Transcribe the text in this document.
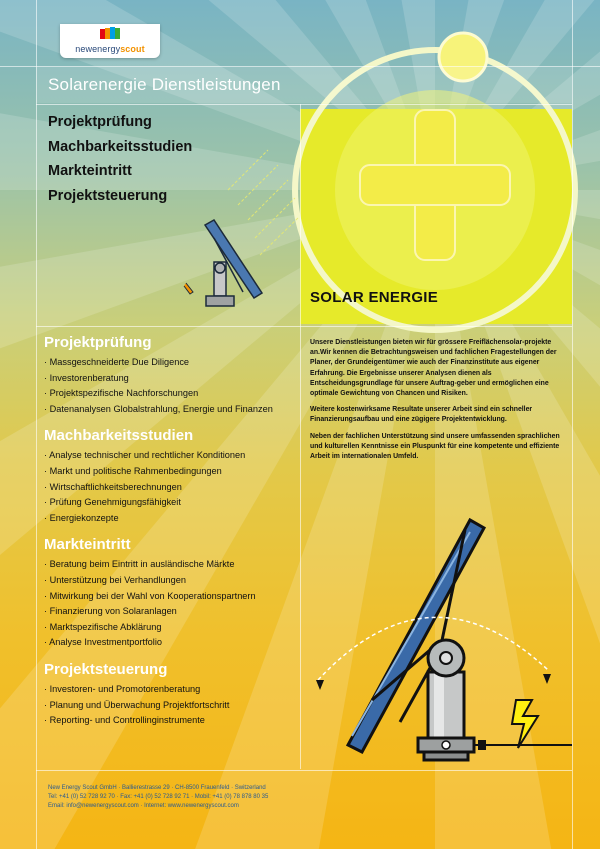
newenergyscout
Solarenergie Dienstleistungen
Projektprüfung
Machbarkeitsstudien
Markteintritt
Projektsteuerung
SOLAR ENERGIE
Projektprüfung
· Massgeschneiderte Due Diligence
· Investorenberatung
· Projektspezifische Nachforschungen
· Datenanalysen Globalstrahlung, Energie und Finanzen
Machbarkeitsstudien
· Analyse technischer und rechtlicher Konditionen
· Markt und politische Rahmenbedingungen
· Wirtschaftlichkeitsberechnungen
· Prüfung Genehmigungsfähigkeit
· Energiekonzepte
Markteintritt
· Beratung beim Eintritt in ausländische Märkte
· Unterstützung bei Verhandlungen
· Mitwirkung bei der Wahl von Kooperationspartnern
· Finanzierung von Solaranlagen
· Marktspezifische Abklärung
· Analyse Investmentportfolio
Projektsteuerung
· Investoren- und Promotorenberatung
· Planung und Überwachung Projektfortschritt
· Reporting- und Controllinginstrumente

Unsere Dienstleistungen bieten wir für grössere Freiflächensolar-projekte an.Wir kennen die Betrachtungsweisen und fachlichen Fragestellungen der Planer, der Grundeigentümer wie auch der Finanzinstitute aus eigener Erfahrung. Die Ergebnisse unserer Analysen dienen als Entscheidungsgrundlage für unsere Auftrag-geber und ermöglichen eine optimale Gewichtung von Chancen und Risiken.

Weitere kostenwirksame Resultate unserer Arbeit sind ein schneller Finanzierungsaufbau und eine zügigere Projektentwicklung.

Neben der fachlichen Unterstützung sind unsere umfassenden sprachlichen und kulturellen Kenntnisse ein Pluspunkt für eine kompetente und effiziente Arbeit im internationalen Umfeld.

New Energy Scout GmbH · Ballierestrasse 29 · CH-8500 Frauenfeld · Switzerland
Tel: +41 (0) 52 728 92 70 · Fax: +41 (0) 52 728 92 71 · Mobil: +41 (0) 78 878 80 35
Email: info@newenergyscout.com · Internet: www.newenergyscout.com
